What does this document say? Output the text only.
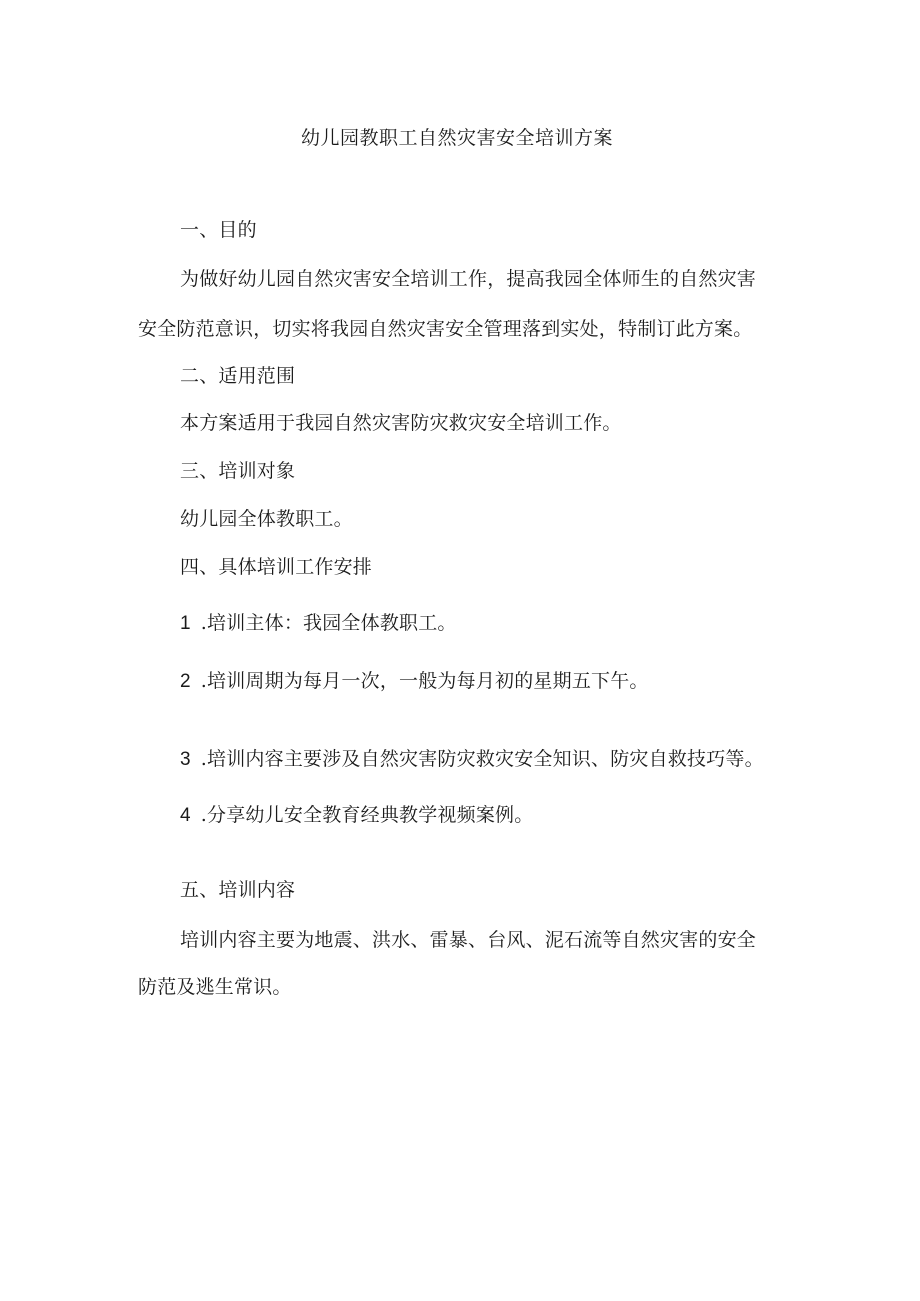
幼儿园教职工自然灾害安全培训方案
一、目的
为做好幼儿园自然灾害安全培训工作，提高我园全体师生的自然灾害
安全防范意识，切实将我园自然灾害安全管理落到实处，特制订此方案。
二、适用范围
本方案适用于我园自然灾害防灾救灾安全培训工作。
三、培训对象
幼儿园全体教职工。
四、具体培训工作安排
1 .培训主体：我园全体教职工。
2 .培训周期为每月一次，一般为每月初的星期五下午。
3 .培训内容主要涉及自然灾害防灾救灾安全知识、防灾自救技巧等。
4 .分享幼儿安全教育经典教学视频案例。
五、培训内容
培训内容主要为地震、洪水、雷暴、台风、泥石流等自然灾害的安全
防范及逃生常识。
